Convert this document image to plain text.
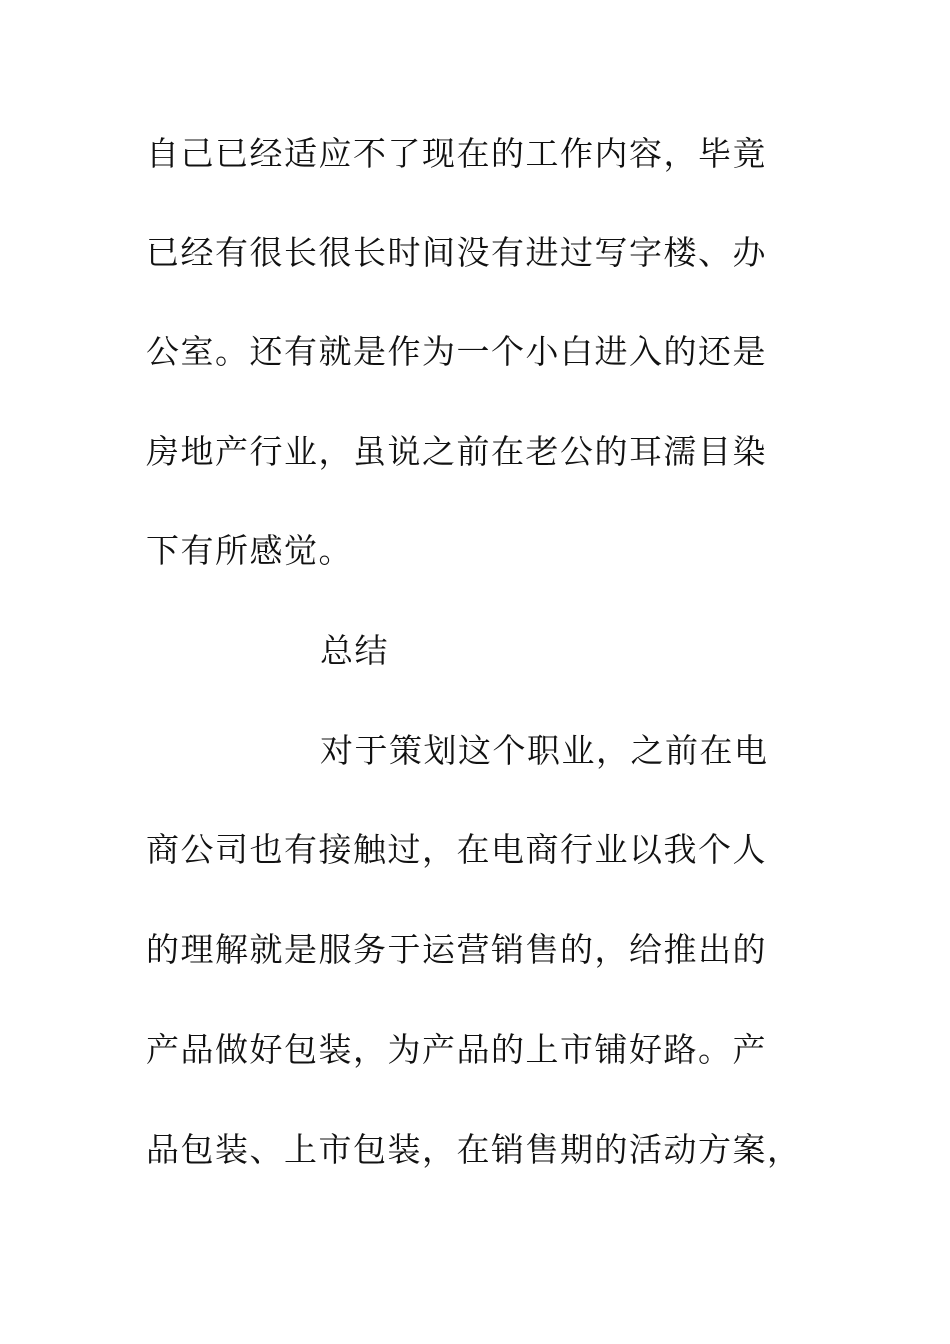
自己已经适应不了现在的工作内容，毕竟
已经有很长很长时间没有进过写字楼、办
公室。还有就是作为一个小白进入的还是
房地产行业，虽说之前在老公的耳濡目染
下有所感觉。
总结
对于策划这个职业，之前在电
商公司也有接触过，在电商行业以我个人
的理解就是服务于运营销售的，给推出的
产品做好包装，为产品的上市铺好路。产
品包装、上市包装，在销售期的活动方案，
